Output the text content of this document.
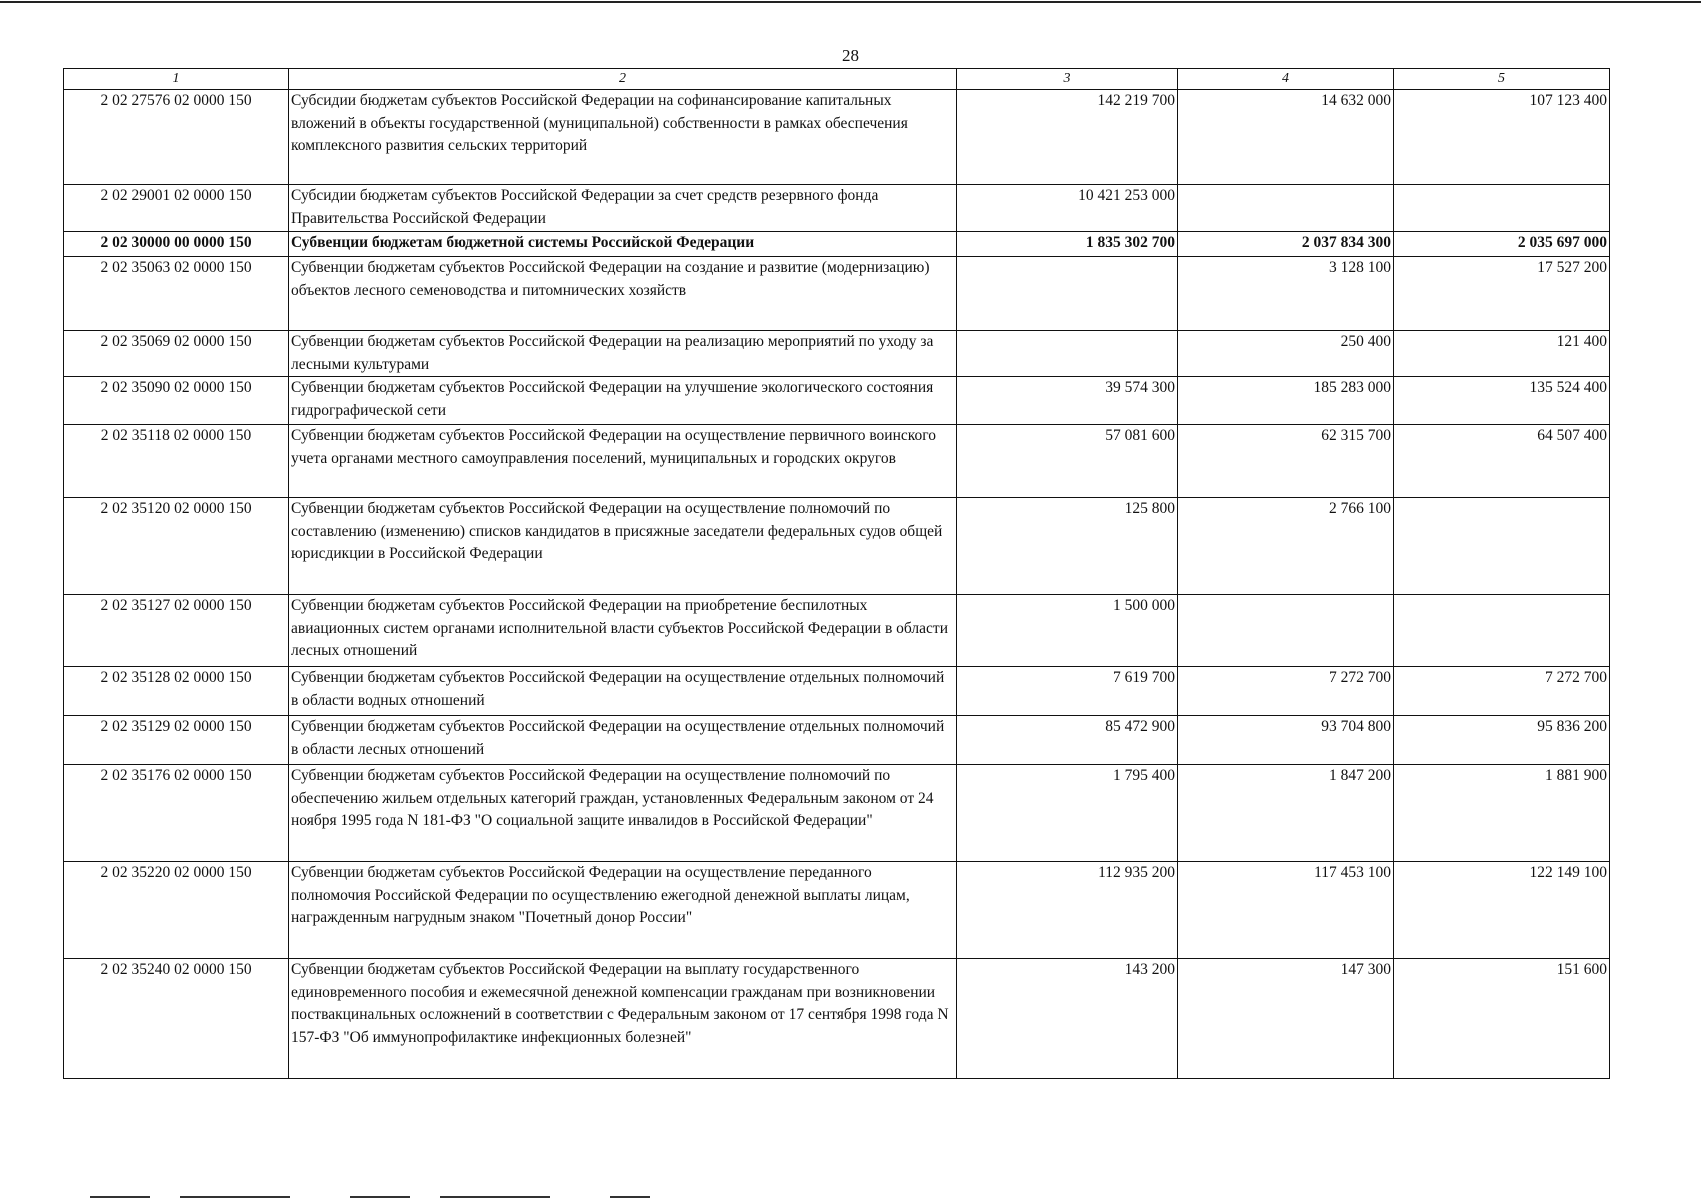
28
1	2	3	4	5
2 02 27576 02 0000 150	Субсидии бюджетам субъектов Российской Федерации на софинансирование капитальных вложений в объекты государственной (муниципальной) собственности в рамках обеспечения комплексного развития сельских территорий	142 219 700	14 632 000	107 123 400
2 02 29001 02 0000 150	Субсидии бюджетам субъектов Российской Федерации за счет средств резервного фонда Правительства Российской Федерации	10 421 253 000		
2 02 30000 00 0000 150	Субвенции бюджетам бюджетной системы Российской Федерации	1 835 302 700	2 037 834 300	2 035 697 000
2 02 35063 02 0000 150	Субвенции бюджетам субъектов Российской Федерации на создание и развитие (модернизацию) объектов лесного семеноводства и питомнических хозяйств		3 128 100	17 527 200
2 02 35069 02 0000 150	Субвенции бюджетам субъектов Российской Федерации на реализацию мероприятий по уходу за лесными культурами		250 400	121 400
2 02 35090 02 0000 150	Субвенции бюджетам субъектов Российской Федерации на улучшение экологического состояния гидрографической сети	39 574 300	185 283 000	135 524 400
2 02 35118 02 0000 150	Субвенции бюджетам субъектов Российской Федерации на осуществление первичного воинского учета органами местного самоуправления поселений, муниципальных и городских округов	57 081 600	62 315 700	64 507 400
2 02 35120 02 0000 150	Субвенции бюджетам субъектов Российской Федерации на осуществление полномочий по составлению (изменению) списков кандидатов в присяжные заседатели федеральных судов общей юрисдикции в Российской Федерации	125 800	2 766 100	
2 02 35127 02 0000 150	Субвенции бюджетам субъектов Российской Федерации на приобретение беспилотных авиационных систем органами исполнительной власти субъектов Российской Федерации в области лесных отношений	1 500 000		
2 02 35128 02 0000 150	Субвенции бюджетам субъектов Российской Федерации на осуществление отдельных полномочий в области водных отношений	7 619 700	7 272 700	7 272 700
2 02 35129 02 0000 150	Субвенции бюджетам субъектов Российской Федерации на осуществление отдельных полномочий в области лесных отношений	85 472 900	93 704 800	95 836 200
2 02 35176 02 0000 150	Субвенции бюджетам субъектов Российской Федерации на осуществление полномочий по обеспечению жильем отдельных категорий граждан, установленных Федеральным законом от 24 ноября 1995 года N 181-ФЗ "О социальной защите инвалидов в Российской Федерации"	1 795 400	1 847 200	1 881 900
2 02 35220 02 0000 150	Субвенции бюджетам субъектов Российской Федерации на осуществление переданного полномочия Российской Федерации по осуществлению ежегодной денежной выплаты лицам, награжденным нагрудным знаком "Почетный донор России"	112 935 200	117 453 100	122 149 100
2 02 35240 02 0000 150	Субвенции бюджетам субъектов Российской Федерации на выплату государственного единовременного пособия и ежемесячной денежной компенсации гражданам при возникновении поствакцинальных осложнений в соответствии с Федеральным законом от 17 сентября 1998 года N 157-ФЗ "Об иммунопрофилактике инфекционных болезней"	143 200	147 300	151 600
